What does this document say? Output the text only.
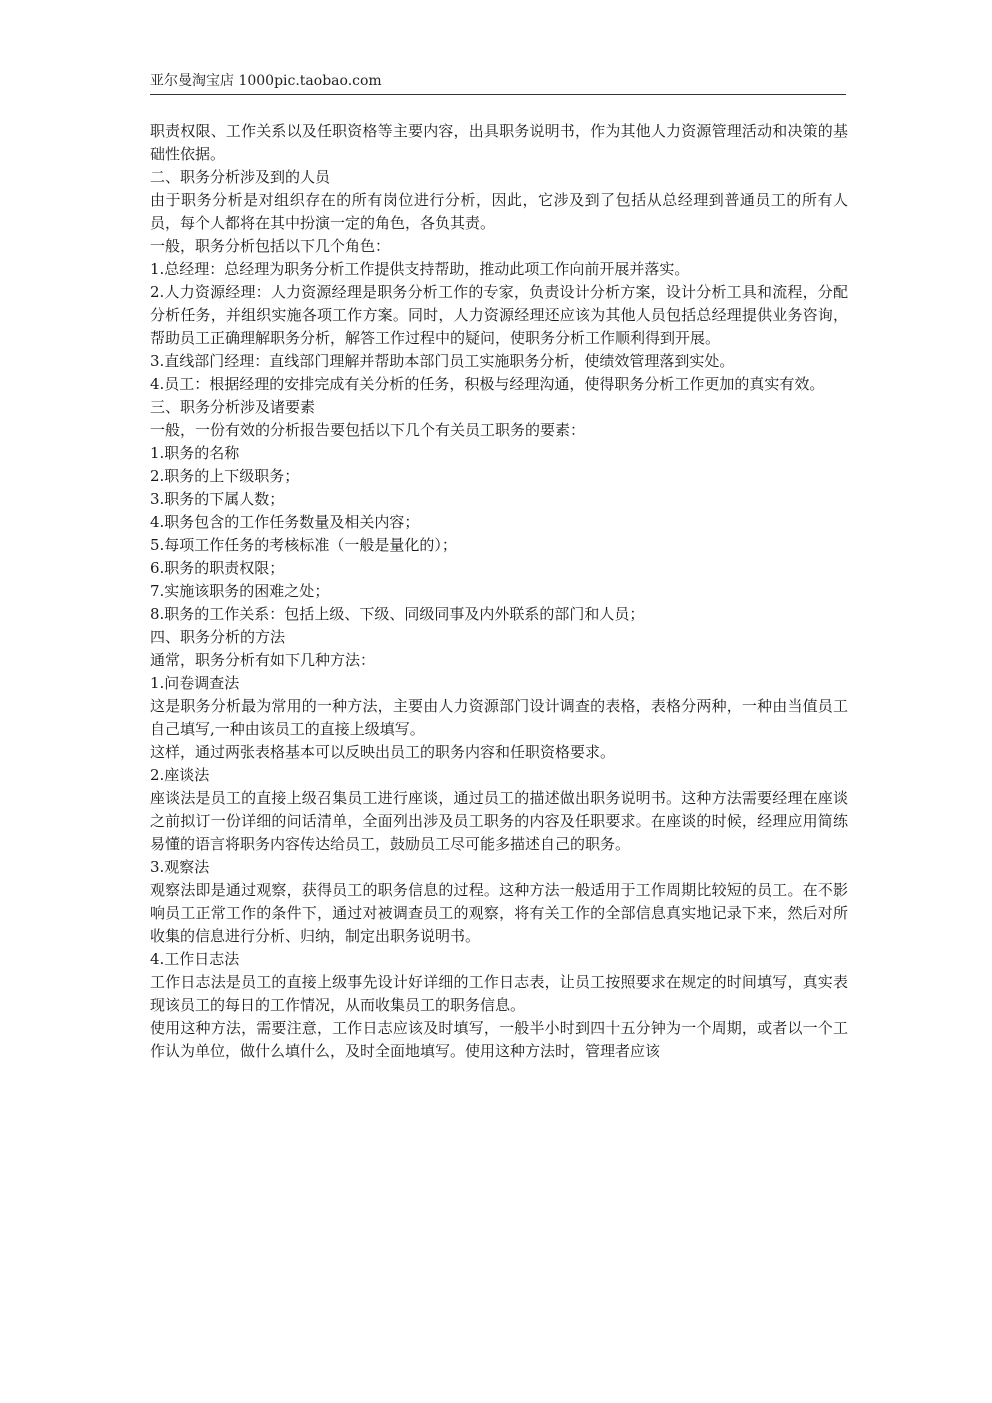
亚尔曼淘宝店 1000pic.taobao.com

职责权限、工作关系以及任职资格等主要内容，出具职务说明书，作为其他人力资源管理活动和决策的基础性依据。

二、职务分析涉及到的人员

由于职务分析是对组织存在的所有岗位进行分析，因此，它涉及到了包括从总经理到普通员工的所有人员，每个人都将在其中扮演一定的角色，各负其责。

一般，职务分析包括以下几个角色：

1.总经理：总经理为职务分析工作提供支持帮助，推动此项工作向前开展并落实。

2.人力资源经理：人力资源经理是职务分析工作的专家，负责设计分析方案，设计分析工具和流程，分配分析任务，并组织实施各项工作方案。同时，人力资源经理还应该为其他人员包括总经理提供业务咨询，帮助员工正确理解职务分析，解答工作过程中的疑问，使职务分析工作顺利得到开展。

3.直线部门经理：直线部门理解并帮助本部门员工实施职务分析，使绩效管理落到实处。

4.员工：根据经理的安排完成有关分析的任务，积极与经理沟通，使得职务分析工作更加的真实有效。

三、职务分析涉及诸要素

一般，一份有效的分析报告要包括以下几个有关员工职务的要素：

1.职务的名称

2.职务的上下级职务；

3.职务的下属人数；

4.职务包含的工作任务数量及相关内容；

5.每项工作任务的考核标准（一般是量化的）；

6.职务的职责权限；

7.实施该职务的困难之处；

8.职务的工作关系：包括上级、下级、同级同事及内外联系的部门和人员；

四、职务分析的方法

通常，职务分析有如下几种方法：

1.问卷调查法

这是职务分析最为常用的一种方法，主要由人力资源部门设计调查的表格，表格分两种，一种由当值员工自己填写,一种由该员工的直接上级填写。

这样，通过两张表格基本可以反映出员工的职务内容和任职资格要求。

2.座谈法

座谈法是员工的直接上级召集员工进行座谈，通过员工的描述做出职务说明书。这种方法需要经理在座谈之前拟订一份详细的问话清单，全面列出涉及员工职务的内容及任职要求。在座谈的时候，经理应用简练易懂的语言将职务内容传达给员工，鼓励员工尽可能多描述自己的职务。

3.观察法

观察法即是通过观察，获得员工的职务信息的过程。这种方法一般适用于工作周期比较短的员工。在不影响员工正常工作的条件下，通过对被调查员工的观察，将有关工作的全部信息真实地记录下来，然后对所收集的信息进行分析、归纳，制定出职务说明书。

4.工作日志法

工作日志法是员工的直接上级事先设计好详细的工作日志表，让员工按照要求在规定的时间填写，真实表现该员工的每日的工作情况，从而收集员工的职务信息。

使用这种方法，需要注意，工作日志应该及时填写，一般半小时到四十五分钟为一个周期，或者以一个工作认为单位，做什么填什么，及时全面地填写。使用这种方法时，管理者应该
